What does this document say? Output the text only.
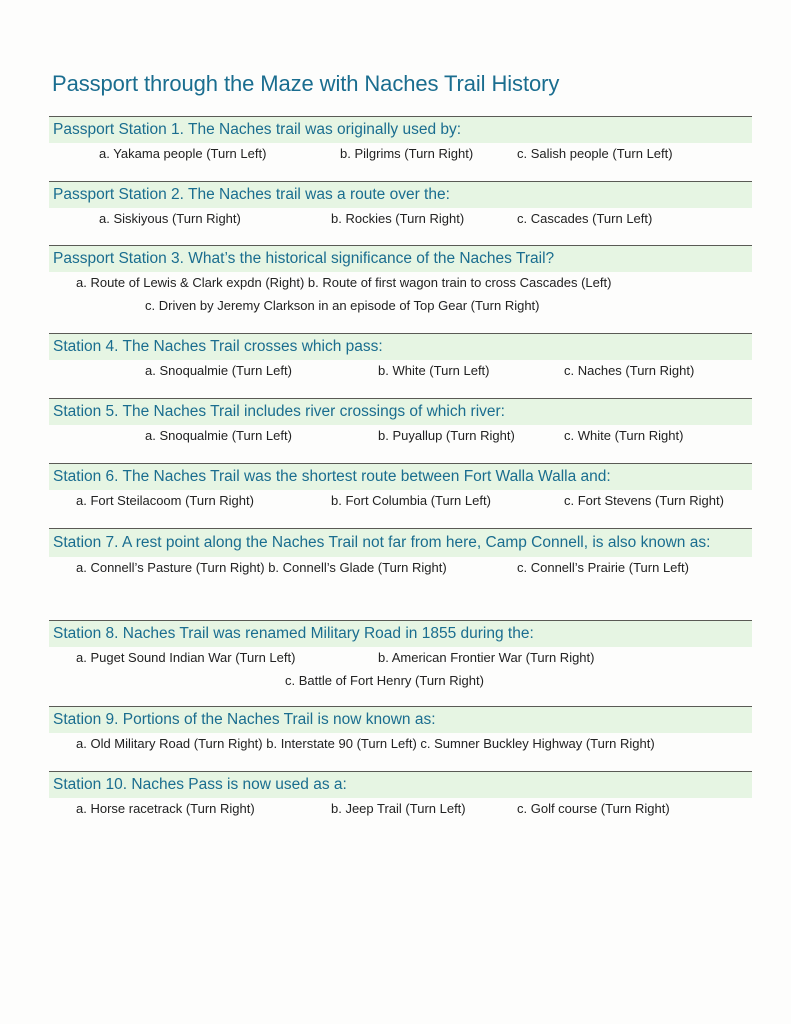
Passport through the Maze with Naches Trail History
Passport Station 1. The Naches trail was originally used by:
a. Yakama people (Turn Left)	b. Pilgrims (Turn Right)	c. Salish people (Turn Left)
Passport Station 2. The Naches trail was a route over the:
a. Siskiyous (Turn Right)	b. Rockies (Turn Right)	c. Cascades (Turn Left)
Passport Station 3. What’s the historical significance of the Naches Trail?
a. Route of Lewis & Clark expdn (Right) b. Route of first wagon train to cross Cascades (Left)
c. Driven by Jeremy Clarkson in an episode of Top Gear (Turn Right)
Station 4. The Naches Trail crosses which pass:
a. Snoqualmie (Turn Left)	b. White (Turn Left)	c. Naches (Turn Right)
Station 5. The Naches Trail includes river crossings of which river:
a. Snoqualmie (Turn Left)	b. Puyallup (Turn Right)	c. White (Turn Right)
Station 6. The Naches Trail was the shortest route between Fort Walla Walla and:
a. Fort Steilacoom (Turn Right)	b. Fort Columbia (Turn Left)	c. Fort Stevens (Turn Right)
Station 7. A rest point along the Naches Trail not far from here, Camp Connell, is also known as:
a. Connell’s Pasture (Turn Right) b. Connell’s Glade (Turn Right)	c. Connell’s Prairie (Turn Left)
Station 8. Naches Trail was renamed Military Road in 1855 during the:
a. Puget Sound Indian War (Turn Left)	b. American Frontier War (Turn Right)
c. Battle of Fort Henry (Turn Right)
Station 9. Portions of the Naches Trail is now known as:
a. Old Military Road (Turn Right) b. Interstate 90 (Turn Left) c. Sumner Buckley Highway (Turn Right)
Station 10. Naches Pass is now used as a:
a. Horse racetrack (Turn Right)	b. Jeep Trail (Turn Left)	c. Golf course (Turn Right)
